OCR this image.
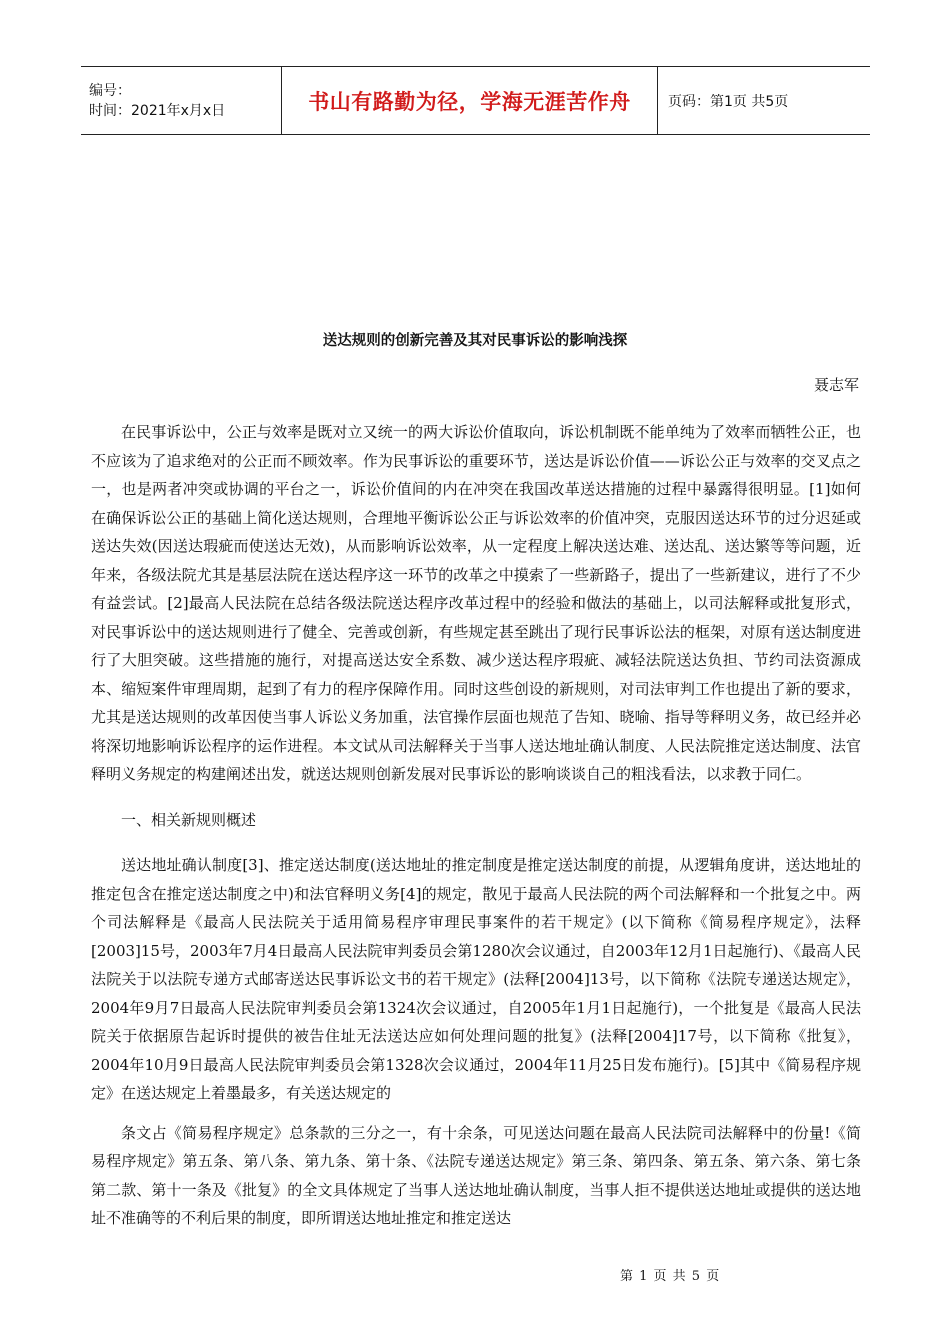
编号：
时间：2021年x月x日	书山有路勤为径，学海无涯苦作舟	页码：第1页 共5页
送达规则的创新完善及其对民事诉讼的影响浅探
聂志军

在民事诉讼中，公正与效率是既对立又统一的两大诉讼价值取向，诉讼机制既不能单纯为了效率而牺牲公正，也不应该为了追求绝对的公正而不顾效率。作为民事诉讼的重要环节，送达是诉讼价值——诉讼公正与效率的交叉点之一，也是两者冲突或协调的平台之一，诉讼价值间的内在冲突在我国改革送达措施的过程中暴露得很明显。[1]如何在确保诉讼公正的基础上简化送达规则，合理地平衡诉讼公正与诉讼效率的价值冲突，克服因送达环节的过分迟延或送达失效(因送达瑕疵而使送达无效)，从而影响诉讼效率，从一定程度上解决送达难、送达乱、送达繁等等问题，近年来，各级法院尤其是基层法院在送达程序这一环节的改革之中摸索了一些新路子，提出了一些新建议，进行了不少有益尝试。[2]最高人民法院在总结各级法院送达程序改革过程中的经验和做法的基础上，以司法解释或批复形式，对民事诉讼中的送达规则进行了健全、完善或创新，有些规定甚至跳出了现行民事诉讼法的框架，对原有送达制度进行了大胆突破。这些措施的施行，对提高送达安全系数、减少送达程序瑕疵、减轻法院送达负担、节约司法资源成本、缩短案件审理周期，起到了有力的程序保障作用。同时这些创设的新规则，对司法审判工作也提出了新的要求，尤其是送达规则的改革因使当事人诉讼义务加重，法官操作层面也规范了告知、晓喻、指导等释明义务，故已经并必将深切地影响诉讼程序的运作进程。本文试从司法解释关于当事人送达地址确认制度、人民法院推定送达制度、法官释明义务规定的构建阐述出发，就送达规则创新发展对民事诉讼的影响谈谈自己的粗浅看法，以求教于同仁。

一、相关新规则概述

送达地址确认制度[3]、推定送达制度(送达地址的推定制度是推定送达制度的前提，从逻辑角度讲，送达地址的推定包含在推定送达制度之中)和法官释明义务[4]的规定，散见于最高人民法院的两个司法解释和一个批复之中。两个司法解释是《最高人民法院关于适用简易程序审理民事案件的若干规定》(以下简称《简易程序规定》，法释[2003]15号，2003年7月4日最高人民法院审判委员会第1280次会议通过，自2003年12月1日起施行)、《最高人民法院关于以法院专递方式邮寄送达民事诉讼文书的若干规定》(法释[2004]13号，以下简称《法院专递送达规定》，2004年9月7日最高人民法院审判委员会第1324次会议通过，自2005年1月1日起施行)，一个批复是《最高人民法院关于依据原告起诉时提供的被告住址无法送达应如何处理问题的批复》(法释[2004]17号，以下简称《批复》，2004年10月9日最高人民法院审判委员会第1328次会议通过，2004年11月25日发布施行)。[5]其中《简易程序规定》在送达规定上着墨最多，有关送达规定的

条文占《简易程序规定》总条款的三分之一，有十余条，可见送达问题在最高人民法院司法解释中的份量!《简易程序规定》第五条、第八条、第九条、第十条、《法院专递送达规定》第三条、第四条、第五条、第六条、第七条第二款、第十一条及《批复》的全文具体规定了当事人送达地址确认制度，当事人拒不提供送达地址或提供的送达地址不准确等的不利后果的制度，即所谓送达地址推定和推定送达

第 1 页 共 5 页
